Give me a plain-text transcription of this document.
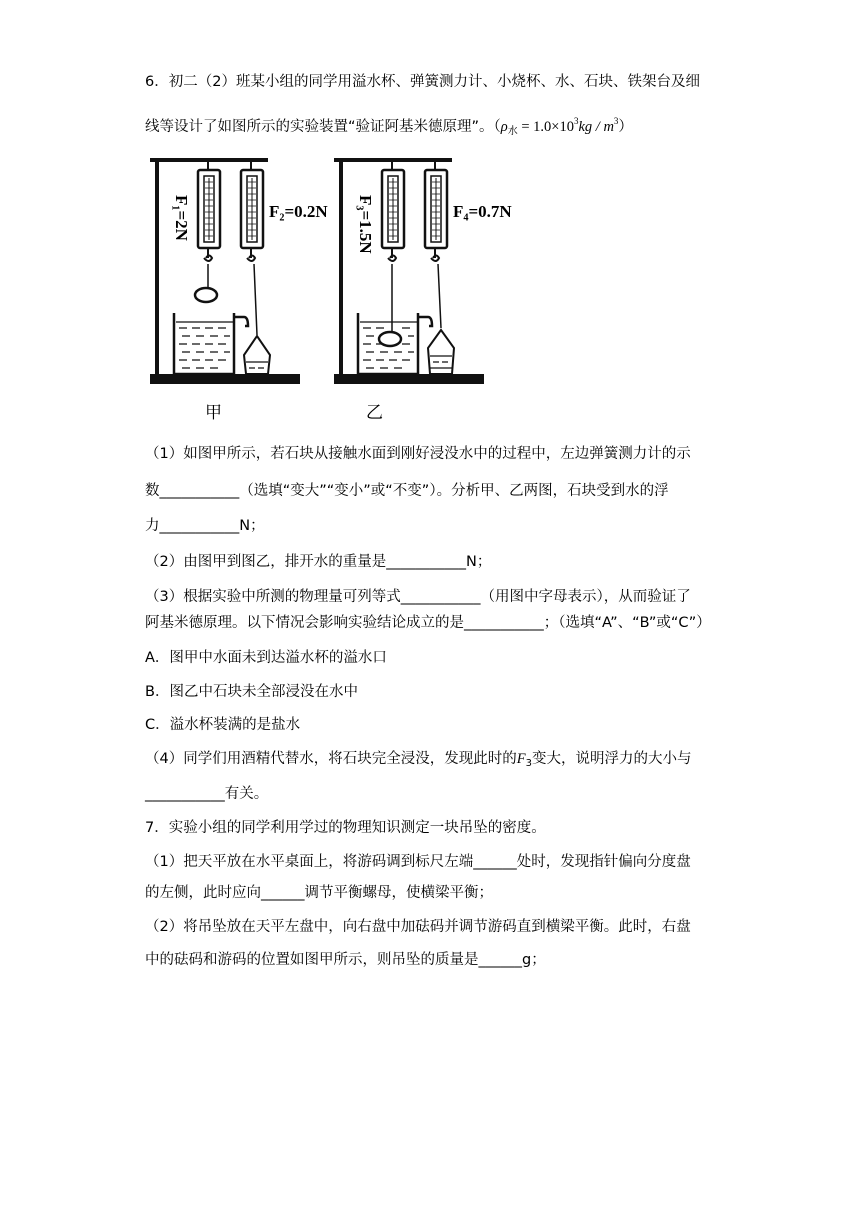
6．初二（2）班某小组的同学用溢水杯、弹簧测力计、小烧杯、水、石块、铁架台及细
线等设计了如图所示的实验装置“验证阿基米德原理”。$(\rho_水 = 1.0\times 10^3kg / m^3)$
F₁=2N	F₂=0.2N F₃=1.5N	F₄=0.7N
甲	乙
（1）如图甲所示，若石块从接触水面到刚好浸没水中的过程中，左边弹簧测力计的示
数___________（选填“变大”“变小”或“不变”）。分析甲、乙两图，石块受到水的浮
力___________N；
（2）由图甲到图乙，排开水的重量是___________N；
（3）根据实验中所测的物理量可列等式___________（用图中字母表示），从而验证了
阿基米德原理。以下情况会影响实验结论成立的是___________；（选填“A”、“B”或“C”）
A．图甲中水面未到达溢水杯的溢水口
B．图乙中石块未全部浸没在水中
C．溢水杯装满的是盐水
（4）同学们用酒精代替水，将石块完全浸没，发现此时的$F_3$变大，说明浮力的大小与
___________有关。
7．实验小组的同学利用学过的物理知识测定一块吊坠的密度。
（1）把天平放在水平桌面上，将游码调到标尺左端______处时，发现指针偏向分度盘
的左侧，此时应向______调节平衡螺母，使横梁平衡；
（2）将吊坠放在天平左盘中，向右盘中加砝码并调节游码直到横梁平衡。此时，右盘
中的砝码和游码的位置如图甲所示，则吊坠的质量是______g；
